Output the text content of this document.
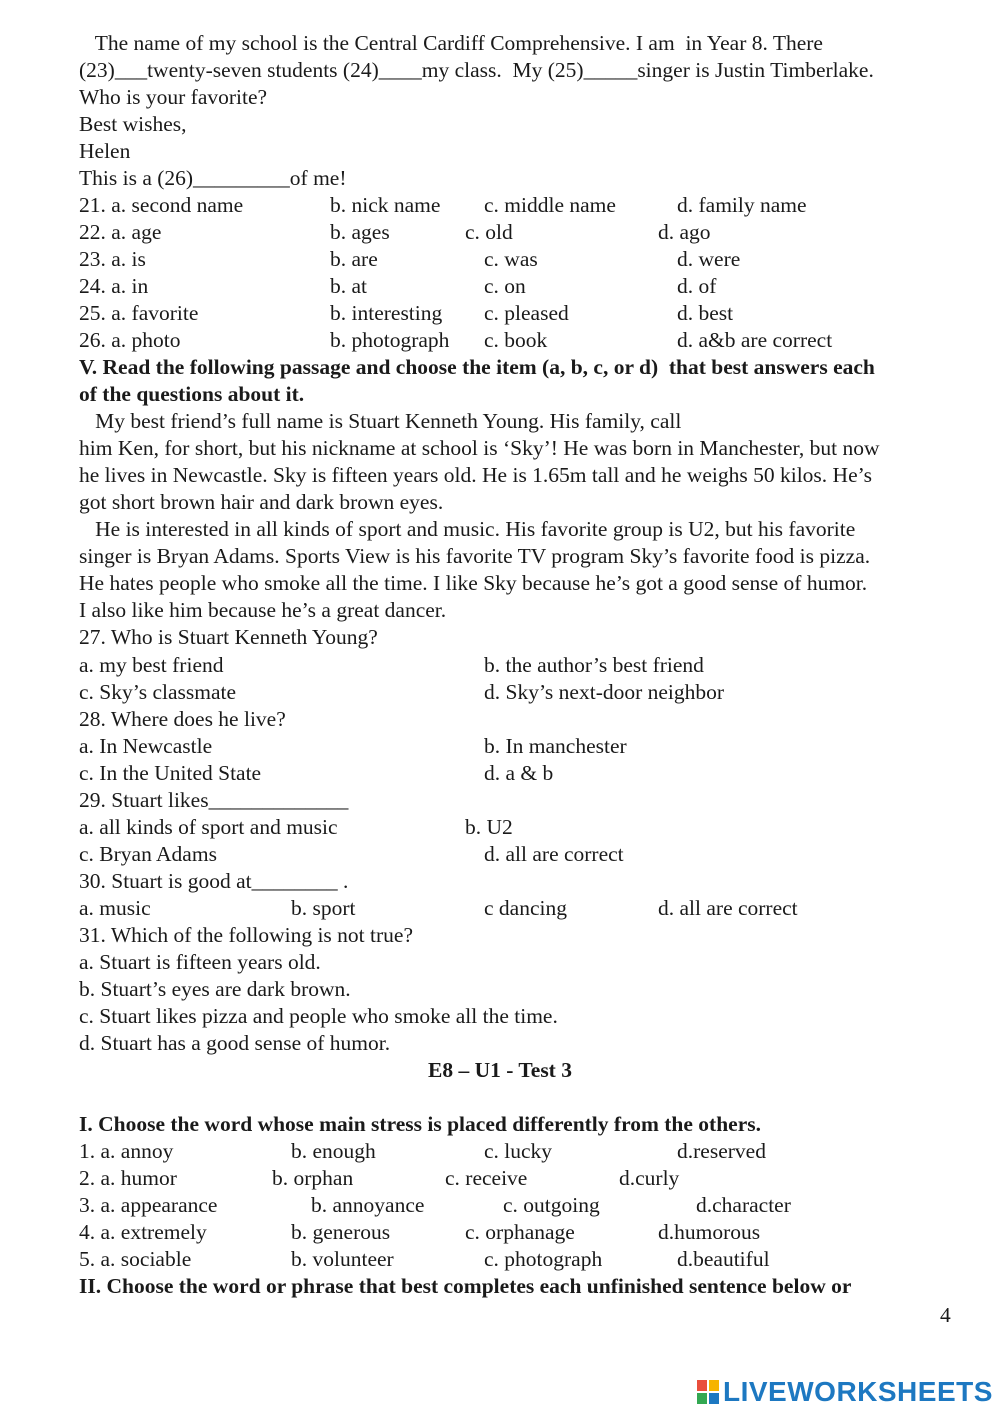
The name of my school is the Central Cardiff Comprehensive. I am  in Year 8. There
(23)___twenty-seven students (24)____my class.  My (25)_____singer is Justin Timberlake.
Who is your favorite?
Best wishes,
Helen
This is a (26)_________of me!
21. a. second name	b. nick name c. middle name	d. family name
22. a. age	b. ages	c. old	d. ago
23. a. is	b. are	c. was	d. were
24. a. in	b. at	c. on	d. of
25. a. favorite	b. interesting c. pleased	d. best
26. a. photo	b. photograph c. book	d. a&b are correct
V. Read the following passage and choose the item (a, b, c, or d)  that best answers each
of the questions about it.
My best friend’s full name is Stuart Kenneth Young. His family, call
him Ken, for short, but his nickname at school is ‘Sky’! He was born in Manchester, but now
he lives in Newcastle. Sky is fifteen years old. He is 1.65m tall and he weighs 50 kilos. He’s
got short brown hair and dark brown eyes.
He is interested in all kinds of sport and music. His favorite group is U2, but his favorite
singer is Bryan Adams. Sports View is his favorite TV program Sky’s favorite food is pizza.
He hates people who smoke all the time. I like Sky because he’s got a good sense of humor.
I also like him because he’s a great dancer.
27. Who is Stuart Kenneth Young?
a. my best friend	b. the author’s best friend
c. Sky’s classmate	d. Sky’s next-door neighbor
28. Where does he live?
a. In Newcastle	b. In manchester
c. In the United State	d. a & b
29. Stuart likes_____________
a. all kinds of sport and music	b. U2
c. Bryan Adams	d. all are correct
30. Stuart is good at________ .
a. music	b. sport	c dancing	d. all are correct
31. Which of the following is not true?
a. Stuart is fifteen years old.
b. Stuart’s eyes are dark brown.
c. Stuart likes pizza and people who smoke all the time.
d. Stuart has a good sense of humor.
E8 – U1 - Test 3
I. Choose the word whose main stress is placed differently from the others.
1. a. annoy	b. enough	c. lucky	d.reserved
2. a. humor	b. orphan	c. receive	d.curly
3. a. appearance	b. annoyance	c. outgoing	d.character
4. a. extremely	b. generous	c. orphanage	d.humorous
5. a. sociable	b. volunteer	c. photograph	d.beautiful
II. Choose the word or phrase that best completes each unfinished sentence below or
4
LIVEWORKSHEETS
